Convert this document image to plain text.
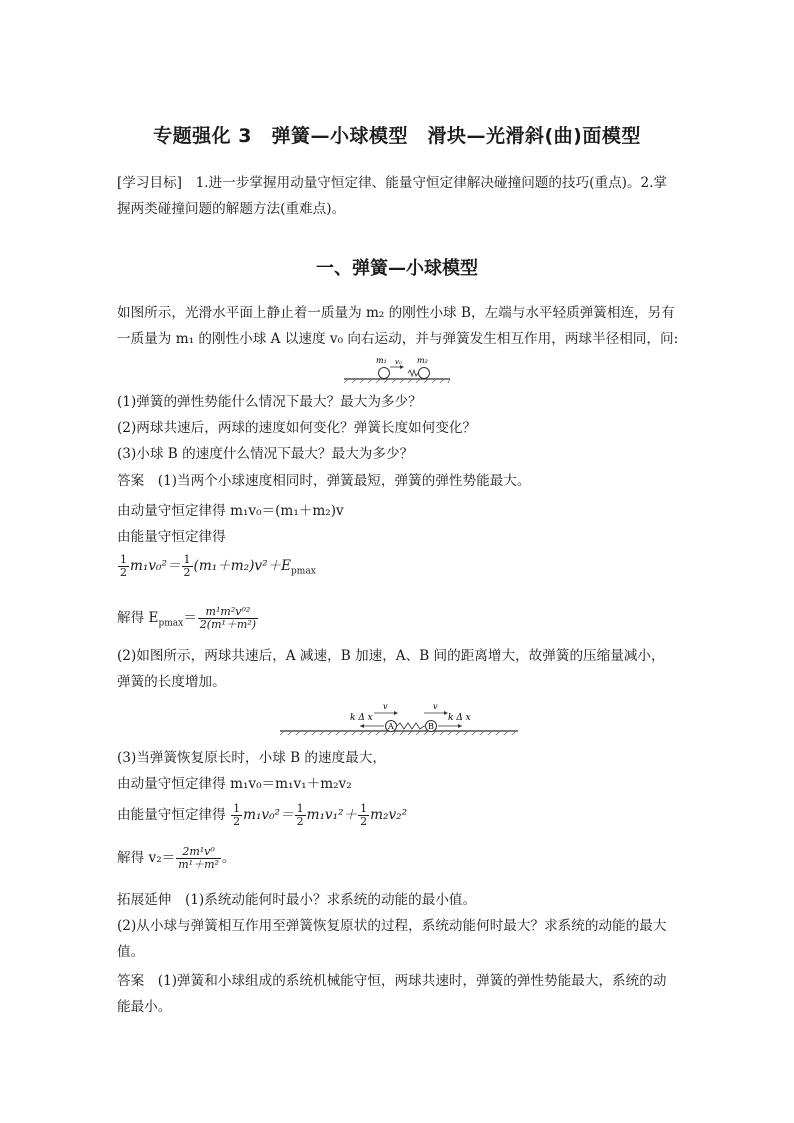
专题强化 3　弹簧—小球模型　滑块—光滑斜(曲)面模型
[学习目标]　1.进一步掌握用动量守恒定律、能量守恒定律解决碰撞问题的技巧(重点)。2.掌
握两类碰撞问题的解题方法(重难点)。
一、弹簧—小球模型
如图所示，光滑水平面上静止着一质量为 m₂ 的刚性小球 B，左端与水平轻质弹簧相连，另有
一质量为 m₁ 的刚性小球 A 以速度 v₀ 向右运动，并与弹簧发生相互作用，两球半径相同，问:
m₁ v₀ m₂
(1)弹簧的弹性势能什么情况下最大？最大为多少？
(2)两球共速后，两球的速度如何变化？弹簧长度如何变化？
(3)小球 B 的速度什么情况下最大？最大为多少？
答案　(1)当两个小球速度相同时，弹簧最短，弹簧的弹性势能最大。
由动量守恒定律得 m₁v₀＝(m₁＋m₂)v
由能量守恒定律得
$\frac{1}{2} m_1v_0^2= \frac{1}{2} (m_1+m_2)v^2+E_{pmax}$
解得 $E_{pmax}= \frac{\text{m¹m²v⁰²}}{\text{2(m¹＋m²)}}$
(2)如图所示，两球共速后，A 减速，B 加速，A、B 间的距离增大，故弹簧的压缩量减小，
弹簧的长度增加。
A	B
k Δ x
v	v
k Δ x
(3)当弹簧恢复原长时，小球 B 的速度最大，
由动量守恒定律得 m₁v₀＝m₁v₁＋m₂v₂
由能量守恒定律得 $\frac{1}{2} m_1v_0^2= \frac{1}{2} m_1v_1^2+ \frac{1}{2} m_2v_2^2$
解得 $v_2= \frac{\text{2m¹v⁰}}{\text{m¹＋m²}}$ 。
拓展延伸　(1)系统动能何时最小？求系统的动能的最小值。
(2)从小球与弹簧相互作用至弹簧恢复原状的过程，系统动能何时最大？求系统的动能的最大
值。
答案　(1)弹簧和小球组成的系统机械能守恒，两球共速时，弹簧的弹性势能最大，系统的动
能最小。
